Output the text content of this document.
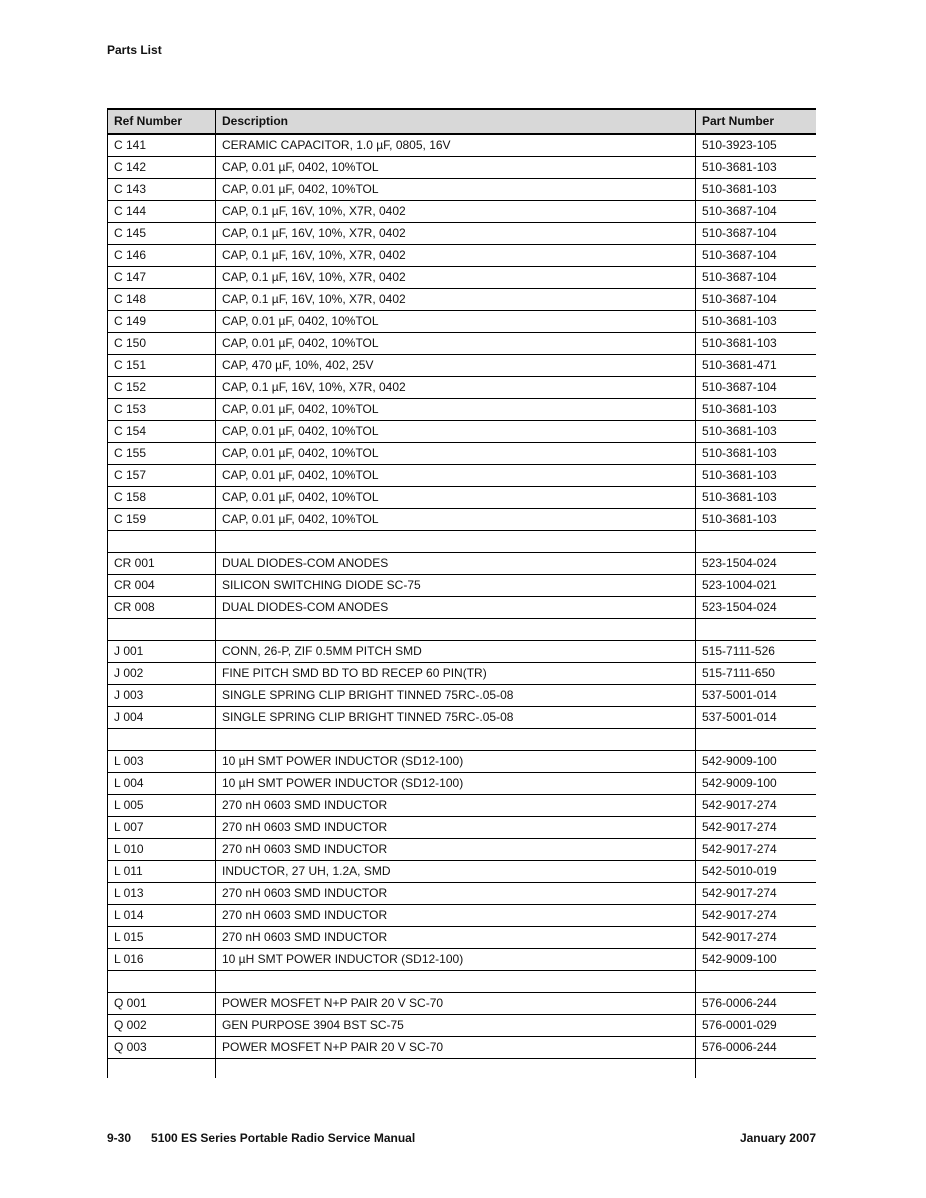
Parts List
Ref Number	Description	Part Number
C 141	CERAMIC CAPACITOR, 1.0 µF, 0805, 16V	510-3923-105
C 142	CAP, 0.01 µF, 0402, 10%TOL	510-3681-103
C 143	CAP, 0.01 µF, 0402, 10%TOL	510-3681-103
C 144	CAP, 0.1 µF, 16V, 10%, X7R, 0402	510-3687-104
C 145	CAP, 0.1 µF, 16V, 10%, X7R, 0402	510-3687-104
C 146	CAP, 0.1 µF, 16V, 10%, X7R, 0402	510-3687-104
C 147	CAP, 0.1 µF, 16V, 10%, X7R, 0402	510-3687-104
C 148	CAP, 0.1 µF, 16V, 10%, X7R, 0402	510-3687-104
C 149	CAP, 0.01 µF, 0402, 10%TOL	510-3681-103
C 150	CAP, 0.01 µF, 0402, 10%TOL	510-3681-103
C 151	CAP, 470 µF, 10%, 402, 25V	510-3681-471
C 152	CAP, 0.1 µF, 16V, 10%, X7R, 0402	510-3687-104
C 153	CAP, 0.01 µF, 0402, 10%TOL	510-3681-103
C 154	CAP, 0.01 µF, 0402, 10%TOL	510-3681-103
C 155	CAP, 0.01 µF, 0402, 10%TOL	510-3681-103
C 157	CAP, 0.01 µF, 0402, 10%TOL	510-3681-103
C 158	CAP, 0.01 µF, 0402, 10%TOL	510-3681-103
C 159	CAP, 0.01 µF, 0402, 10%TOL	510-3681-103
CR 001	DUAL DIODES-COM ANODES	523-1504-024
CR 004	SILICON SWITCHING DIODE SC-75	523-1004-021
CR 008	DUAL DIODES-COM ANODES	523-1504-024
J 001	CONN, 26-P, ZIF 0.5MM PITCH SMD	515-7111-526
J 002	FINE PITCH SMD BD TO BD RECEP 60 PIN(TR)	515-7111-650
J 003	SINGLE SPRING CLIP BRIGHT TINNED 75RC-.05-08	537-5001-014
J 004	SINGLE SPRING CLIP BRIGHT TINNED 75RC-.05-08	537-5001-014
L 003	10 µH SMT POWER INDUCTOR (SD12-100)	542-9009-100
L 004	10 µH SMT POWER INDUCTOR (SD12-100)	542-9009-100
L 005	270 nH 0603 SMD INDUCTOR	542-9017-274
L 007	270 nH 0603 SMD INDUCTOR	542-9017-274
L 010	270 nH 0603 SMD INDUCTOR	542-9017-274
L 011	INDUCTOR, 27 UH, 1.2A, SMD	542-5010-019
L 013	270 nH 0603 SMD INDUCTOR	542-9017-274
L 014	270 nH 0603 SMD INDUCTOR	542-9017-274
L 015	270 nH 0603 SMD INDUCTOR	542-9017-274
L 016	10 µH SMT POWER INDUCTOR (SD12-100)	542-9009-100
Q 001	POWER MOSFET N+P PAIR 20 V SC-70	576-0006-244
Q 002	GEN PURPOSE 3904 BST SC-75	576-0001-029
Q 003	POWER MOSFET N+P PAIR 20 V SC-70	576-0006-244
9-30 5100 ES Series Portable Radio Service Manual	January 2007
